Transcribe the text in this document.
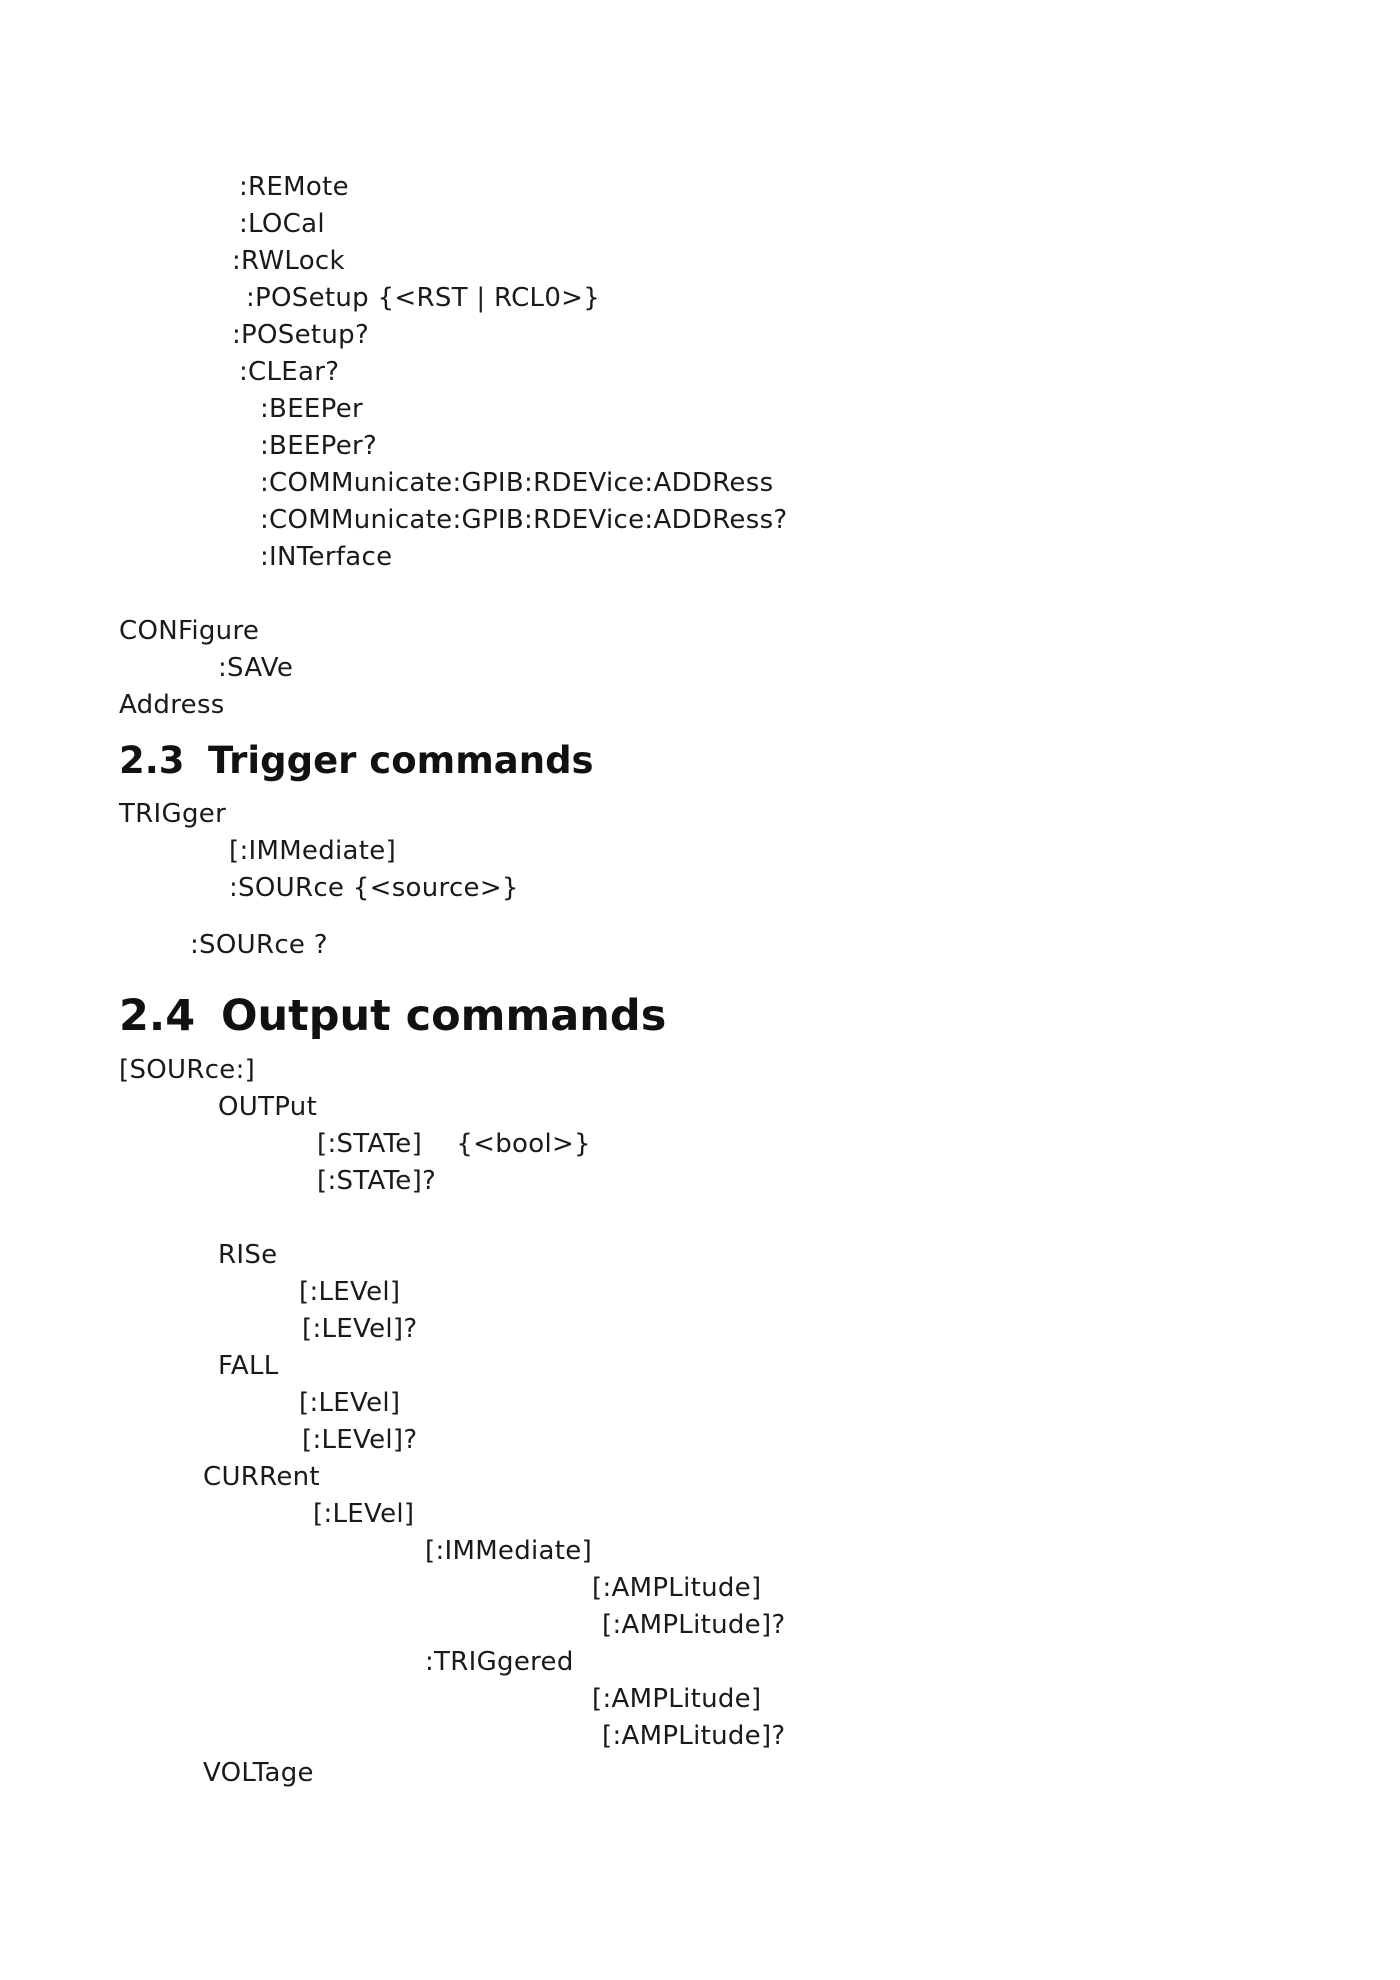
:REMote
:LOCal
:RWLock
:POSetup {<RST | RCL0>}
:POSetup?
:CLEar?
:BEEPer
:BEEPer?
:COMMunicate:GPIB:RDEVice:ADDRess
:COMMunicate:GPIB:RDEVice:ADDRess?
:INTerface
CONFigure
:SAVe
Address
2.3 Trigger commands
TRIGger
[:IMMediate]
:SOURce {<source>}
:SOURce ?
2.4 Output commands
[SOURce:]
OUTPut
[:STATe]    {<bool>}
[:STATe]?
RISe
[:LEVel]
[:LEVel]?
FALL
[:LEVel]
[:LEVel]?
CURRent
[:LEVel]
[:IMMediate]
[:AMPLitude]
[:AMPLitude]?
:TRIGgered
[:AMPLitude]
[:AMPLitude]?
VOLTage
